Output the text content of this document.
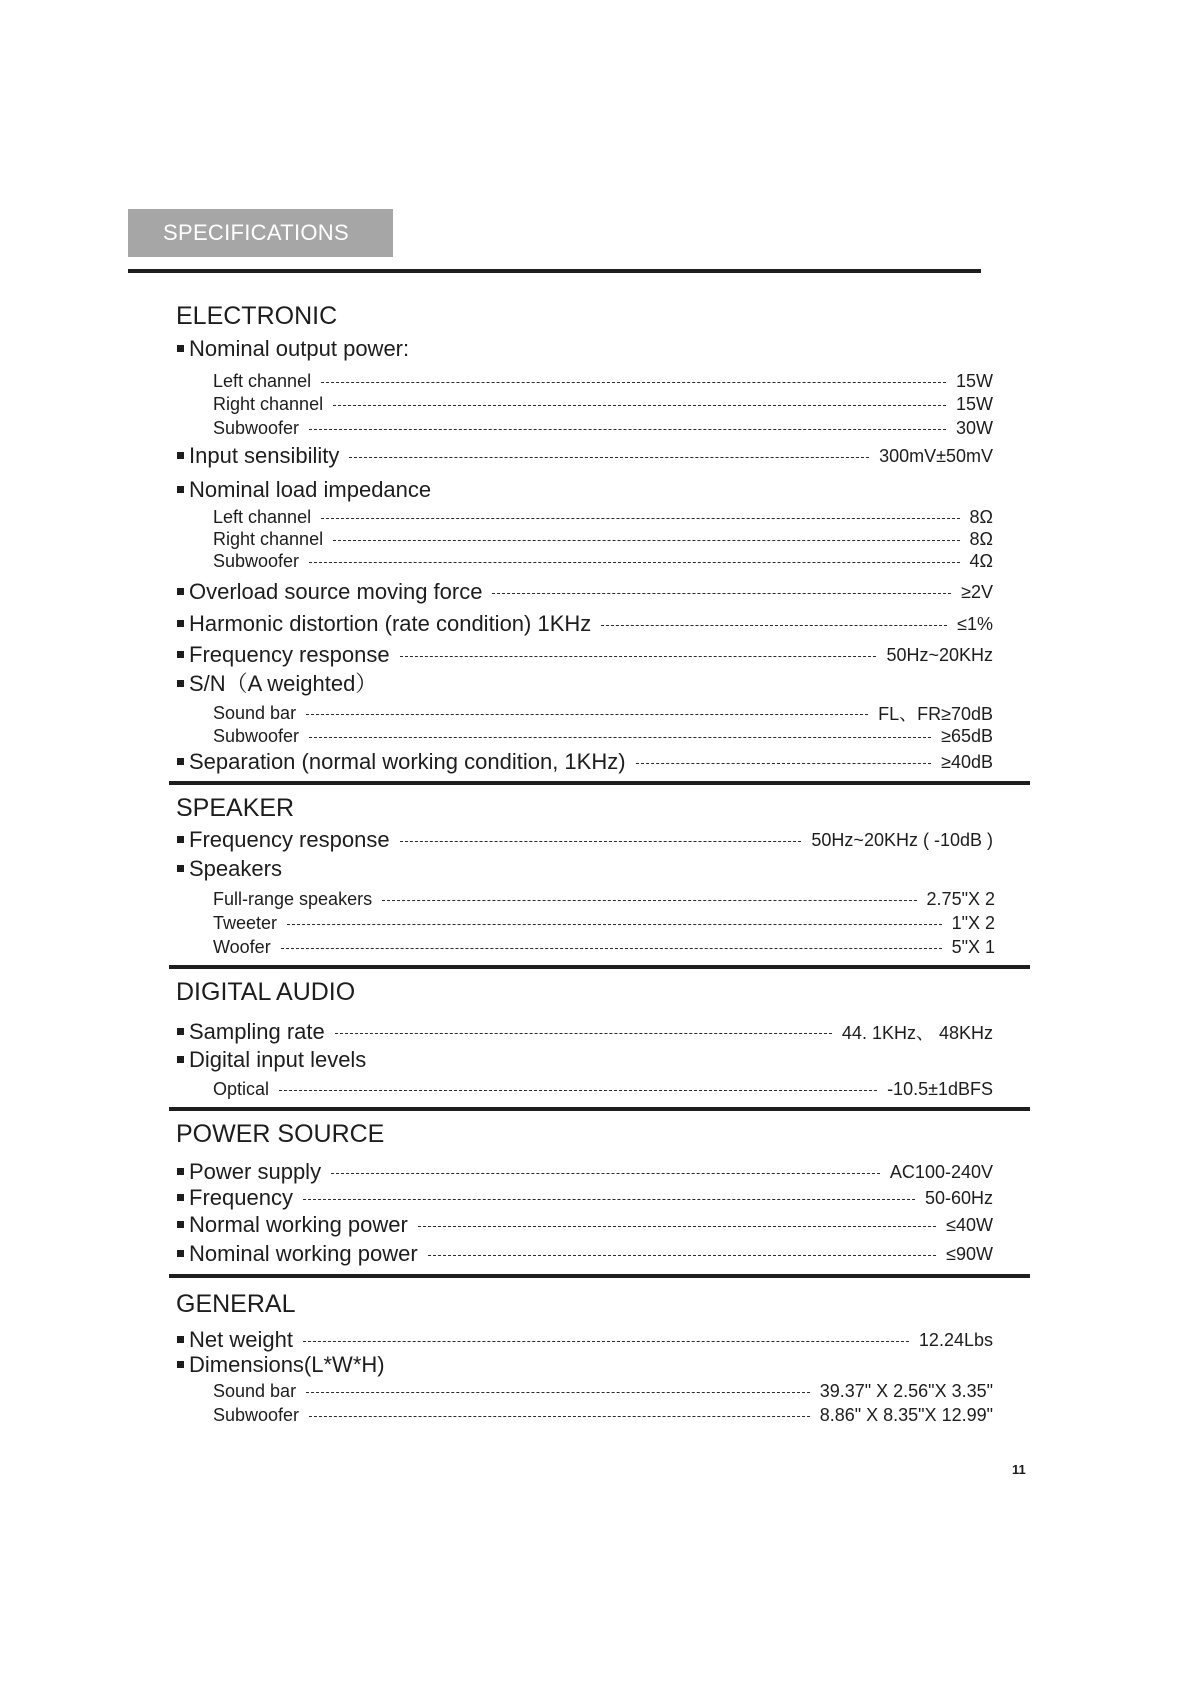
SPECIFICATIONS
ELECTRONIC
Nominal output power:
Left channel	15W
Right channel	15W
Subwoofer	30W
Input sensibility	300mV±50mV
Nominal load impedance
Left channel	8Ω
Right channel	8Ω
Subwoofer	4Ω
Overload source moving force	≥2V
Harmonic distortion (rate condition) 1KHz	≤1%
Frequency response	50Hz~20KHz
S/N（A weighted）
Sound bar	FL、FR≥70dB
Subwoofer	≥65dB
Separation (normal working condition, 1KHz)	≥40dB
SPEAKER
Frequency response	50Hz~20KHz ( -10dB )
Speakers
Full-range speakers	2.75"X 2
Tweeter	1"X 2
Woofer	5"X 1
DIGITAL AUDIO
Sampling rate	44. 1KHz、 48KHz
Digital input levels
Optical	-10.5±1dBFS
POWER SOURCE
Power supply	AC100-240V
Frequency	50-60Hz
Normal working power	≤40W
Nominal working power	≤90W
GENERAL
Net weight	12.24Lbs
Dimensions(L*W*H)
Sound bar	39.37" X 2.56"X 3.35"
Subwoofer	8.86" X 8.35"X 12.99"
11
